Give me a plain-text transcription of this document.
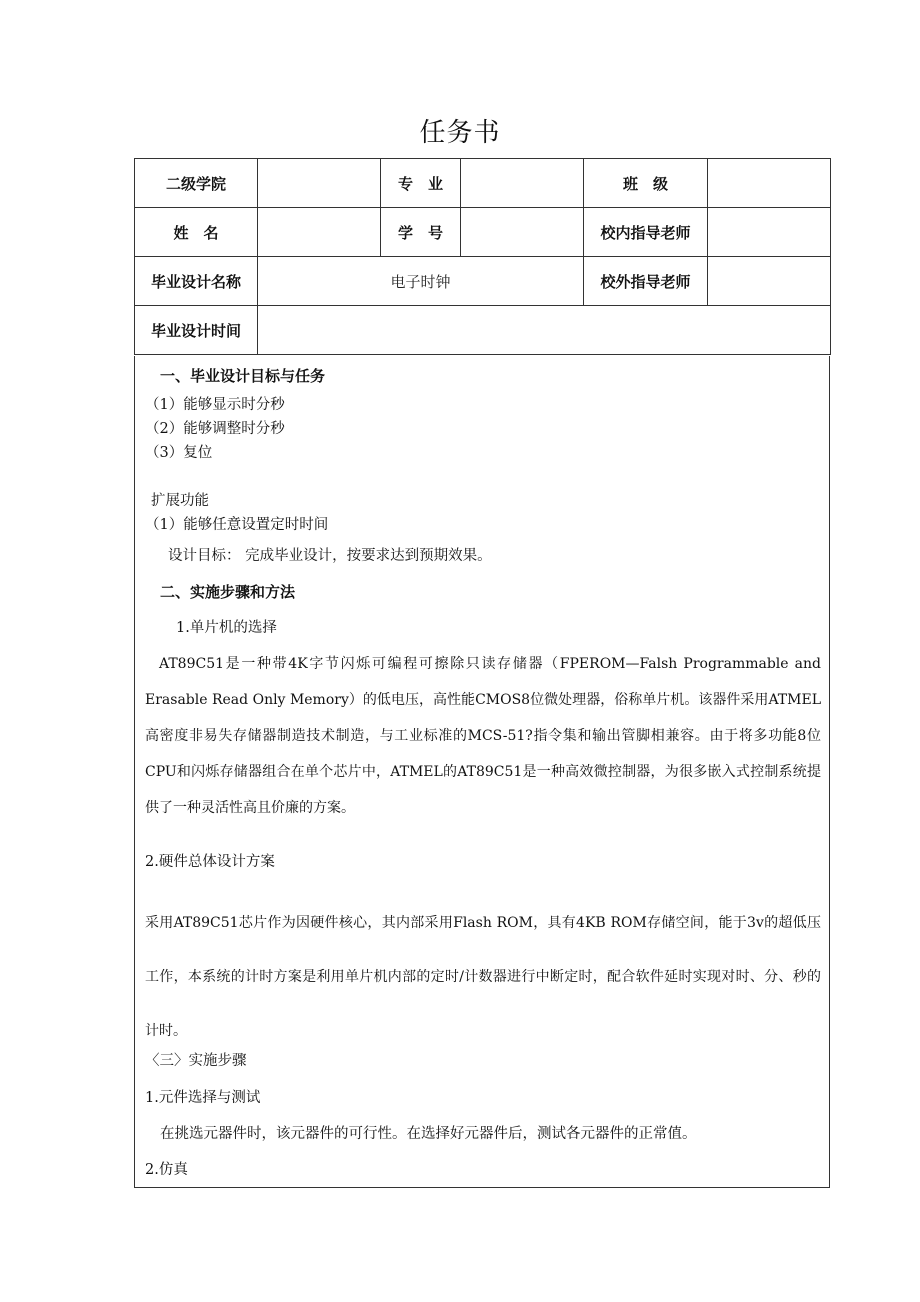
任务书
二级学院		专　业		班　级	
姓　名		学　号		校内指导老师	
毕业设计名称	电子时钟			校外指导老师	
毕业设计时间					
一、毕业设计目标与任务
（1）能够显示时分秒
（2）能够调整时分秒
（3）复位
扩展功能
（1）能够任意设置定时时间
设计目标： 完成毕业设计，按要求达到预期效果。
二、实施步骤和方法
1.单片机的选择
AT89C51是一种带4K字节闪烁可编程可擦除只读存储器（FPEROM—Falsh Programmable and Erasable Read Only Memory）的低电压，高性能CMOS8位微处理器，俗称单片机。该器件采用ATMEL高密度非易失存储器制造技术制造，与工业标准的MCS-51?指令集和输出管脚相兼容。由于将多功能8位CPU和闪烁存储器组合在单个芯片中，ATMEL的AT89C51是一种高效微控制器，为很多嵌入式控制系统提供了一种灵活性高且价廉的方案。
2.硬件总体设计方案
采用AT89C51芯片作为因硬件核心，其内部采用Flash ROM，具有4KB ROM存储空间，能于3v的超低压工作，本系统的计时方案是利用单片机内部的定时/计数器进行中断定时，配合软件延时实现对时、分、秒的计时。
〈三〉实施步骤
1.元件选择与测试
在挑选元器件时，该元器件的可行性。在选择好元器件后，测试各元器件的正常值。
2.仿真
